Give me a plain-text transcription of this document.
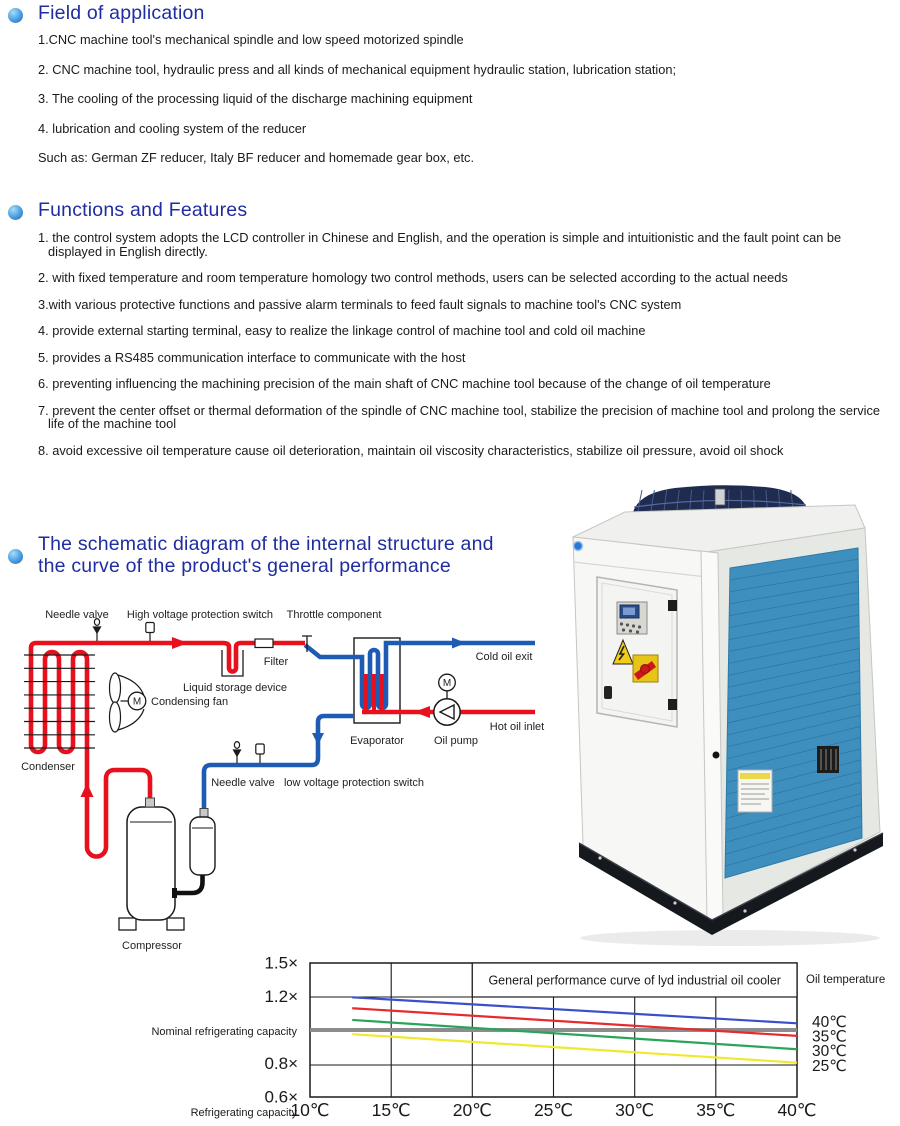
Field of application
1.CNC machine tool's mechanical spindle and low speed motorized spindle
2. CNC machine tool, hydraulic press and all kinds of mechanical equipment hydraulic station, lubrication station;
3. The cooling of the processing liquid of the discharge machining equipment
4. lubrication and cooling system of the reducer
Such as: German ZF reducer, Italy BF reducer and homemade gear box, etc.
Functions and Features
1. the control system adopts the LCD controller in Chinese and English, and the operation is simple and intuitionistic and the fault point can be displayed in English directly.
2. with fixed temperature and room temperature homology two control methods, users can be selected according to the actual needs
3.with various protective functions and passive alarm terminals to feed fault signals to machine tool's CNC system
4. provide external starting terminal, easy to realize the linkage control of machine tool and cold oil machine
5. provides a RS485 communication interface to communicate with the host
6. preventing influencing the machining precision of the main shaft of CNC machine tool because of the change of oil temperature
7. prevent the center offset or thermal deformation of the spindle of CNC machine tool, stabilize the precision of machine tool and prolong the service life of the machine tool
8. avoid excessive oil temperature cause oil deterioration, maintain oil viscosity characteristics, stabilize oil pressure, avoid oil shock
The schematic diagram of the internal structure and
the curve of the product's general performance
Needle valve High voltage protection switch Throttle component
Filter
Liquid storage device
Condensing fan
Cold oil exit
Hot oil inlet
Evaporator	Oil pump
Condenser
Needle valve low voltage protection switch
Compressor
M
M
General performance curve of lyd industrial oil cooler Oil temperature
Nominal refrigerating capacity
Refrigerating capacity
40℃
35℃
30℃
25℃
10℃ 15℃ 20℃ 25℃ 30℃ 35℃ 40℃
1.5×
1.2×
0.8×
0.6×
